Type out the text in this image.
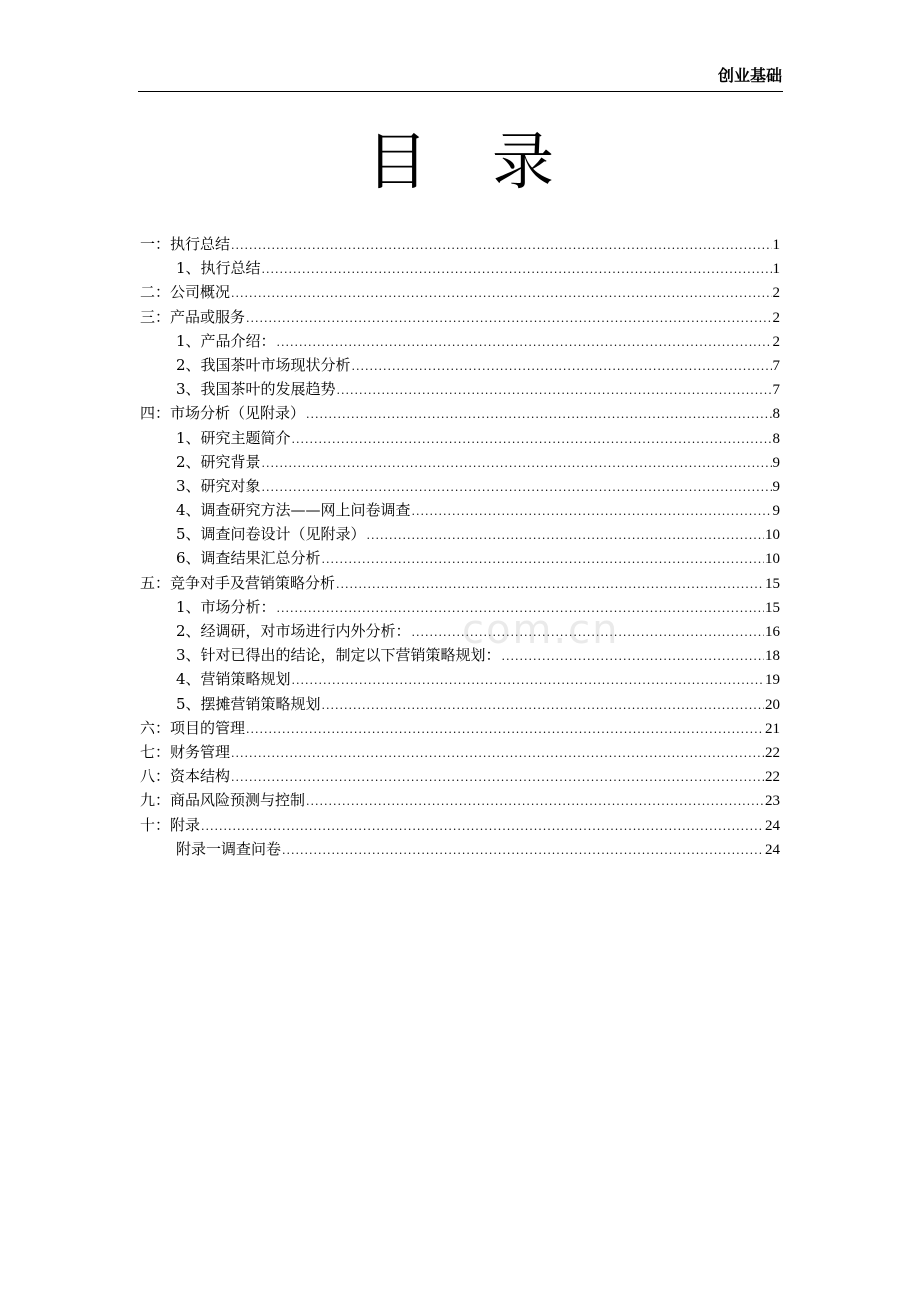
创业基础
目录
一：执行总结 .....	1
1、执行总结 .....	1
二：公司概况 .....	2
三：产品或服务 .....	2
1、产品介绍： .....	2
2、我国茶叶市场现状分析 .....	7
3、我国茶叶的发展趋势 .....	7
四：市场分析（见附录） .....	8
1、研究主题简介 .....	8
2、研究背景 .....	9
3、研究对象 .....	9
4、调查研究方法——网上问卷调查 .....	9
5、调查问卷设计（见附录） .....	10
6、调查结果汇总分析 .....	10
五：竞争对手及营销策略分析 .....	15
1、市场分析： .....	15
2、经调研，对市场进行内外分析： .....	16
3、针对已得出的结论，制定以下营销策略规划： .....	18
4、营销策略规划 .....	19
5、摆摊营销策略规划 .....	20
六：项目的管理 .....	21
七：财务管理 .....	22
八：资本结构 .....	22
九：商品风险预测与控制 .....	23
十：附录 .....	24
附录一调查问卷 .....	24
com.cn
